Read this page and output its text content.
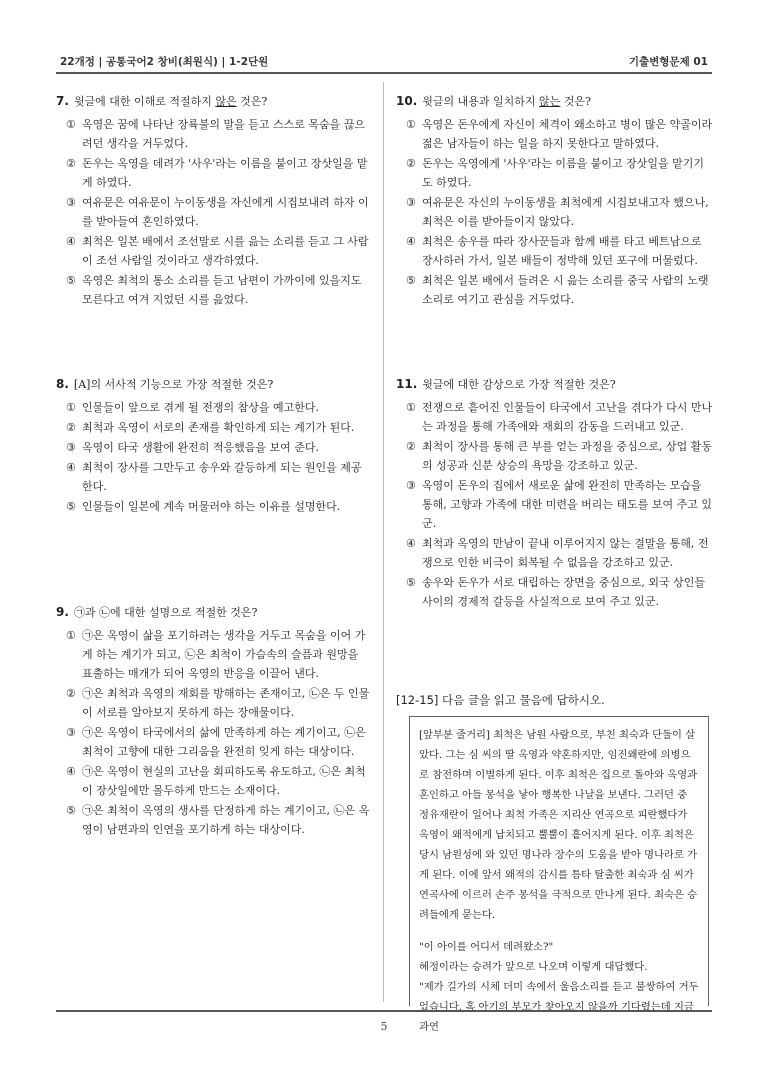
22개정 | 공통국어2 창비(최원식) | 1-2단원	기출변형문제 01
7. 윗글에 대한 이해로 적절하지 않은 것은?
① 옥영은 꿈에 나타난 장륙불의 말을 듣고 스스로 목숨을 끊으려던 생각을 거두었다.
② 돈우는 옥영을 데려가 '사우'라는 이름을 붙이고 장삿일을 맡게 하였다.
③ 여유문은 여유문이 누이동생을 자신에게 시집보내려 하자 이를 받아들여 혼인하였다.
④ 최척은 일본 배에서 조선말로 시를 읊는 소리를 듣고 그 사람이 조선 사람일 것이라고 생각하였다.
⑤ 옥영은 최척의 통소 소리를 듣고 남편이 가까이에 있을지도 모른다고 여겨 지었던 시를 읊었다.
8. [A]의 서사적 기능으로 가장 적절한 것은?
① 인물들이 앞으로 겪게 될 전쟁의 참상을 예고한다.
② 최척과 옥영이 서로의 존재를 확인하게 되는 계기가 된다.
③ 옥영이 타국 생활에 완전히 적응했음을 보여 준다.
④ 최척이 장사를 그만두고 송우와 갈등하게 되는 원인을 제공한다.
⑤ 인물들이 일본에 계속 머물러야 하는 이유를 설명한다.
9. ㉠과 ㉡에 대한 설명으로 적절한 것은?
① ㉠은 옥영이 삶을 포기하려는 생각을 거두고 목숨을 이어 가게 하는 계기가 되고, ㉡은 최척이 가슴속의 슬픔과 원망을 표출하는 매개가 되어 옥영의 반응을 이끌어 낸다.
② ㉠은 최척과 옥영의 재회를 방해하는 존재이고, ㉡은 두 인물이 서로를 알아보지 못하게 하는 장애물이다.
③ ㉠은 옥영이 타국에서의 삶에 만족하게 하는 계기이고, ㉡은 최척이 고향에 대한 그리움을 완전히 잊게 하는 대상이다.
④ ㉠은 옥영이 현실의 고난을 회피하도록 유도하고, ㉡은 최척이 장삿일에만 몰두하게 만드는 소재이다.
⑤ ㉠은 최척이 옥영의 생사를 단정하게 하는 계기이고, ㉡은 옥영이 남편과의 인연을 포기하게 하는 대상이다.
10. 윗글의 내용과 일치하지 않는 것은?
① 옥영은 돈우에게 자신이 체격이 왜소하고 병이 많은 약골이라 젊은 남자들이 하는 일을 하지 못한다고 말하였다.
② 돈우는 옥영에게 '사우'라는 이름을 붙이고 장삿일을 맡기기도 하였다.
③ 여유문은 자신의 누이동생을 최척에게 시집보내고자 했으나, 최척은 이를 받아들이지 않았다.
④ 최척은 송우를 따라 장사꾼들과 함께 배를 타고 베트남으로 장사하러 가서, 일본 배들이 정박해 있던 포구에 머물렀다.
⑤ 최척은 일본 배에서 들려온 시 읊는 소리를 중국 사람의 노랫소리로 여기고 관심을 거두었다.
11. 윗글에 대한 감상으로 가장 적절한 것은?
① 전쟁으로 흩어진 인물들이 타국에서 고난을 겪다가 다시 만나는 과정을 통해 가족애와 재회의 감동을 드러내고 있군.
② 최척이 장사를 통해 큰 부를 얻는 과정을 중심으로, 상업 활동의 성공과 신분 상승의 욕망을 강조하고 있군.
③ 옥영이 돈우의 집에서 새로운 삶에 완전히 만족하는 모습을 통해, 고향과 가족에 대한 미련을 버리는 태도를 보여 주고 있군.
④ 최척과 옥영의 만남이 끝내 이루어지지 않는 결말을 통해, 전쟁으로 인한 비극이 회복될 수 없음을 강조하고 있군.
⑤ 송우와 돈우가 서로 대립하는 장면을 중심으로, 외국 상인들 사이의 경제적 갈등을 사실적으로 보여 주고 있군.
[12-15] 다음 글을 읽고 물음에 답하시오.

[앞부분 줄거리] 최척은 남원 사람으로, 부친 최숙과 단둘이 살았다. 그는 심 씨의 딸 옥영과 약혼하지만, 임진왜란에 의병으로 참전하며 이별하게 된다. 이후 최척은 집으로 돌아와 옥영과 혼인하고 아들 몽석을 낳아 행복한 나날을 보낸다. 그러던 중 정유재란이 일어나 최척 가족은 지리산 연곡으로 피란했다가 옥영이 왜적에게 납치되고 뿔뿔이 흩어지게 된다. 이후 최척은 당시 남원성에 와 있던 명나라 장수의 도움을 받아 명나라로 가게 된다. 이에 앞서 왜적의 감시를 틈타 탈출한 최숙과 심 씨가 연곡사에 이르러 손주 몽석을 극적으로 만나게 된다. 최숙은 승려들에게 묻는다.

"이 아이를 어디서 데려왔소?"

혜정이라는 승려가 앞으로 나오며 이렇게 대답했다.

"제가 길가의 시체 더미 속에서 울음소리를 듣고 불쌍하여 거두었습니다. 혹 아기의 부모가 찾아오지 않을까 기다렸는데 지금 과연

5
